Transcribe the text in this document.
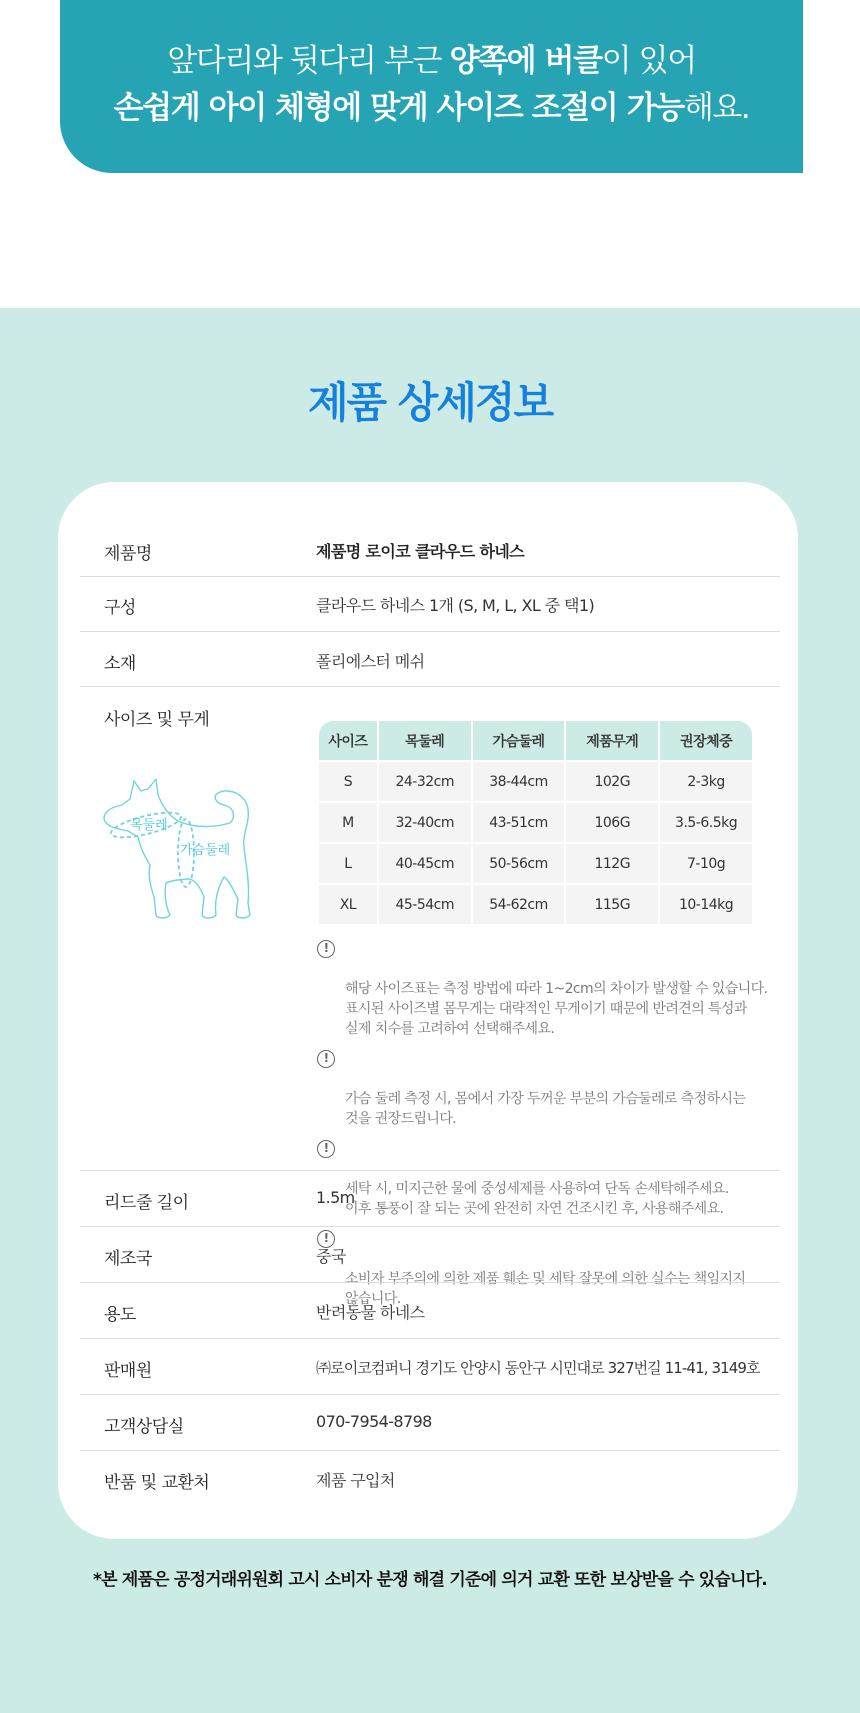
앞다리와 뒷다리 부근 양쪽에 버클이 있어
손쉽게 아이 체형에 맞게 사이즈 조절이 가능해요.
제품 상세정보
제품명	제품명 로이코 클라우드 하네스
구성	클라우드 하네스 1개 (S, M, L, XL 중 택1)
소재	폴리에스터 메쉬
사이즈 및 무게
목둘레
가슴둘레
사이즈	목둘레	가슴둘레	제품무게	권장체중
S	24-32cm	38-44cm	102G	2-3kg
M	32-40cm	43-51cm	106G	3.5-6.5kg
L	40-45cm	50-56cm	112G	7-10g
XL	45-54cm	54-62cm	115G	10-14kg

!

해당 사이즈표는 측정 방법에 따라 1~2cm의 차이가 발생할 수 있습니다.
표시된 사이즈별 몸무게는 대략적인 무게이기 때문에 반려견의 특성과
실제 치수를 고려하여 선택해주세요.

!

가슴 둘레 측정 시, 몸에서 가장 두꺼운 부분의 가슴둘레로 측정하시는
것을 권장드립니다.

!

세탁 시, 미지근한 물에 중성세제를 사용하여 단독 손세탁해주세요.
이후 통풍이 잘 되는 곳에 완전히 자연 건조시킨 후, 사용해주세요.

!

소비자 부주의에 의한 제품 훼손 및 세탁 잘못에 의한 실수는 책임지지
않습니다.

리드줄 길이	1.5m
제조국	중국
용도	반려동물 하네스
판매원	㈜로이코컴퍼니 경기도 안양시 동안구 시민대로 327번길 11-41, 3149호
고객상담실	070-7954-8798
반품 및 교환처	제품 구입처
*본 제품은 공정거래위원회 고시 소비자 분쟁 해결 기준에 의거 교환 또한 보상받을 수 있습니다.
